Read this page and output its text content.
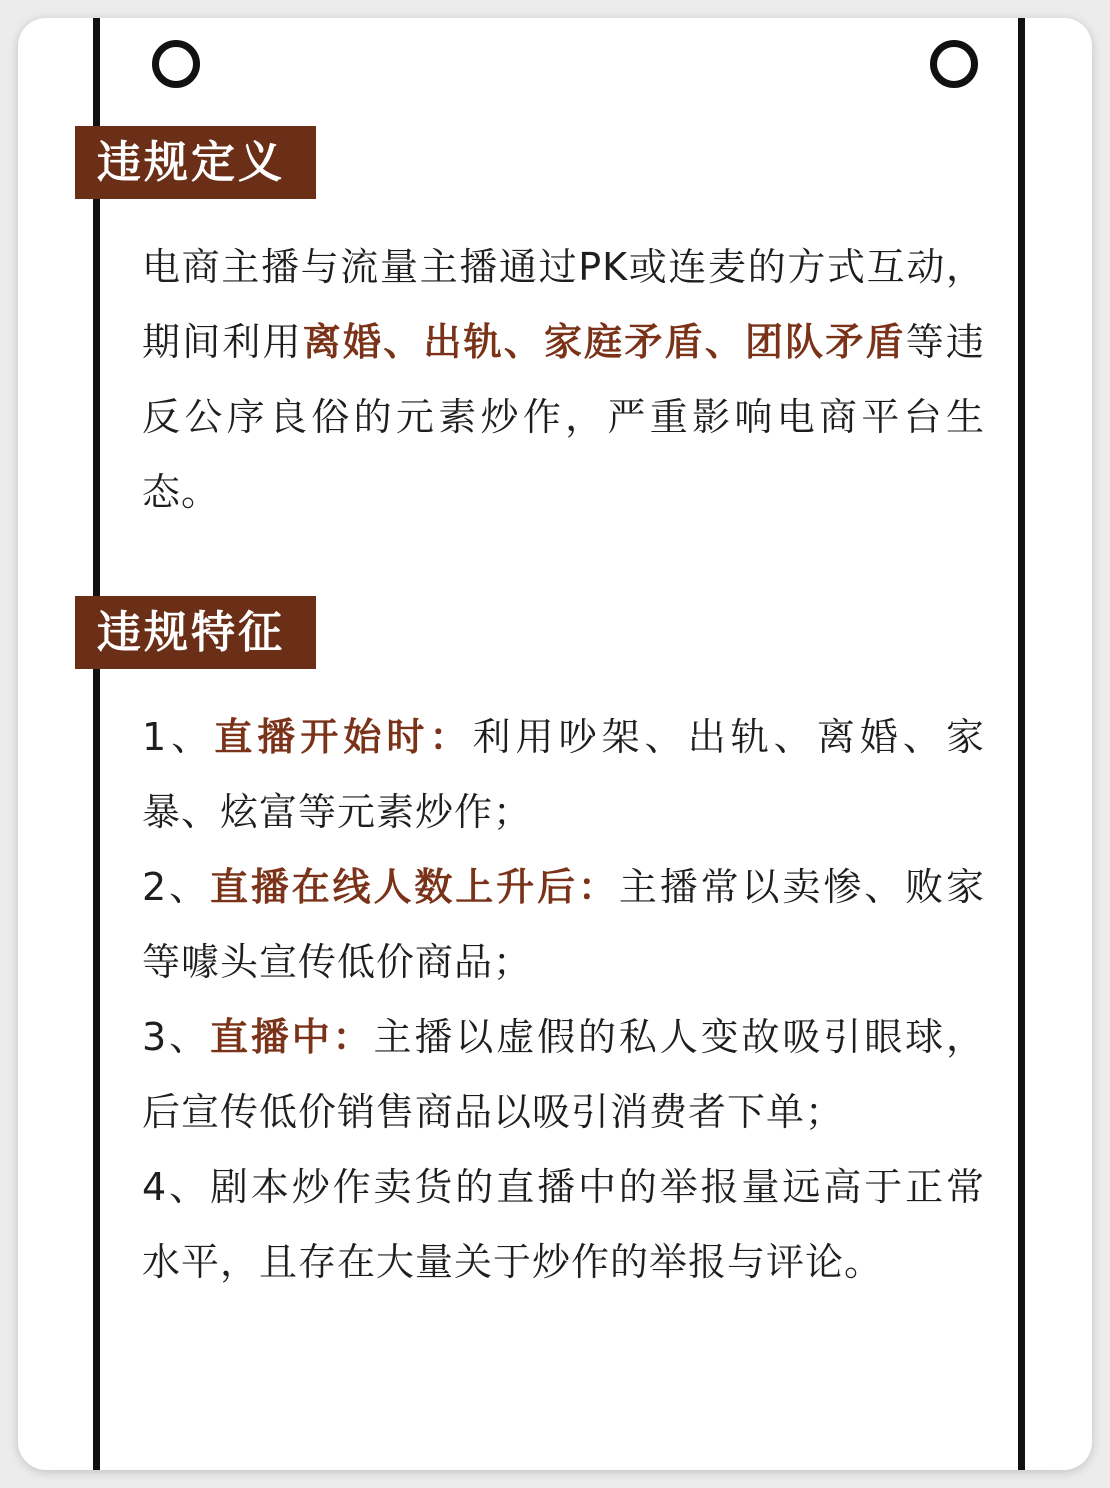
违规定义
电商主播与流量主播通过PK或连麦的方式互动，期间利用离婚、出轨、家庭矛盾、团队矛盾等违反公序良俗的元素炒作，严重影响电商平台生态。
违规特征
1、直播开始时：利用吵架、出轨、离婚、家暴、炫富等元素炒作；
2、直播在线人数上升后：主播常以卖惨、败家等噱头宣传低价商品；
3、直播中：主播以虚假的私人变故吸引眼球，后宣传低价销售商品以吸引消费者下单；
4、剧本炒作卖货的直播中的举报量远高于正常水平，且存在大量关于炒作的举报与评论。
